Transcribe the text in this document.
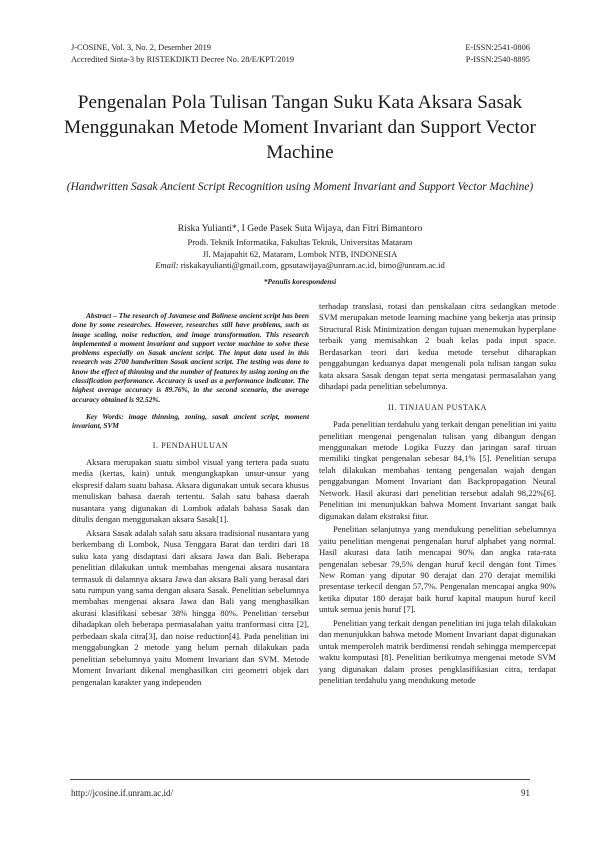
J-COSINE, Vol. 3, No. 2, Desember 2019
Accredited Sinta-3 by RISTEKDIKTI Decree No. 28/E/KPT/2019
E-ISSN:2541-0806
P-ISSN:2540-8895
Pengenalan Pola Tulisan Tangan Suku Kata Aksara Sasak Menggunakan Metode Moment Invariant dan Support Vector Machine
(Handwritten Sasak Ancient Script Recognition using Moment Invariant and Support Vector Machine)
Riska Yulianti*, I Gede Pasek Suta Wijaya, dan Fitri Bimantoro
Prodi. Teknik Informatika, Fakultas Teknik, Universitas Mataram
Jl. Majapahit 62, Mataram, Lombok NTB, INDONESIA
Email: riskakayulianti@gmail.com, gpsutawijaya@unram.ac.id, bimo@unram.ac.id
*Penulis korespondensi

Abstract – The research of Javanese and Balinese ancient script has been done by some researches. However, researches still have problems, such as image scaling, noise reduction, and image transformation. This research implemented a moment invariant and support vector machine to solve these problems especially on Sasak ancient script. The input data used in this research was 2700 handwritten Sasak ancient script. The testing was done to know the effect of thinning and the number of features by using zoning on the classification performance. Accuracy is used as a performance indicator. The highest average accuracy is 89.76%, in the second scenario, the average accuracy obtained is 92.52%.

Key Words: image thinning, zoning, sasak ancient script, moment invariant, SVM

I. PENDAHULUAN

Aksara merupakan suatu simbol visual yang tertera pada suatu media (kertas, kain) untuk mengungkapkan unsur-unsur yang ekspresif dalam suatu bahasa. Aksara digunakan untuk secara khusus menuliskan bahasa daerah tertentu. Salah satu bahasa daerah nusantara yang digunakan di Lombok adalah bahasa Sasak dan ditulis dengan menggunakan aksara Sasak[1].

Aksara Sasak adalah salah satu aksara tradisional nusantara yang berkembang di Lombok, Nusa Tenggara Barat dan terdiri dari 18 suku kata yang disdaptasi dari aksara Jawa dan Bali. Beberapa penelitian dilakukan untuk membahas mengenai aksara nusantara termasuk di dalamnya aksara Jawa dan aksara Bali yang berasal dari satu rumpun yang sama dengan aksara Sasak. Penelitian sebelumnya membahas mengenai aksara Jawa dan Bali yang menghasilkan akurasi klasifikasi sebesar 38% hingga 80%. Penelitian tersebut dihadapkan oleh beberapa permasalahan yaitu tranformasi citra [2], perbedaan skala citra[3], dan noise reduction[4]. Pada penelitian ini menggabungkan 2 metode yang belum pernah dilakukan pada penelitian sebelumnya yaitu Moment Invariant dan SVM. Metode Moment Invariant dikenal menghasilkan ciri geometri objek dari pengenalan karakter yang independen

terhadap translasi, rotasi dan penskalaan citra sedangkan metode SVM merupakan metode learning machine yang bekerja atas prinsip Structural Risk Minimization dengan tujuan menemukan hyperplane terbaik yang memisahkan 2 buah kelas pada input space. Berdasarkan teori dari kedua metode tersebut diharapkan penggabungan keduanya dapat mengenali pola tulisan tangan suku kata aksara Sasak dengan tepat serta mengatasi permasalahan yang dihadapi pada penelitian sebelumnya.

II. TINJAUAN PUSTAKA

Pada penelitian terdahulu yang terkait dengan penelitian ini yaitu penelitian mengenai pengenalan tulisan yang dibangun dengan menggunakan metode Logika Fuzzy dan jaringan saraf tiruan memiliki tingkat pengenalan sebesar 84,1% [5]. Penelitian serupa telah dilakukan membahas tentang pengenalan wajah dengan penggabungan Moment Invariant dan Backpropagation Neural Network. Hasil akurasi dari penelitian tersebut adalah 98,22%[6]. Penelitian ini menunjukkan bahwa Moment Invariant sangat baik digunakan dalam ekstraksi fitur.

Penelitian selanjutnya yang mendukung penelitian sebelumnya yaitu penelitian mengenai pengenalan huruf alphabet yang normal. Hasil akurasi data latih mencapai 90% dan angka rata-rata pengenalan sebesar 79,5% dengan huruf kecil dengan font Times New Roman yang diputar 90 derajat dan 270 derajat memiliki presentase terkecil dengan 57,7%. Pengenalan mencapai angka 90% ketika diputar 180 derajat baik huruf kapital maupun huruf kecil untuk semua jenis huruf [7].

Penelitian yang terkait dengan penelitian ini juga telah dilakukan dan menunjukkan bahwa metode Moment Invariant dapat digunakan untuk memperoleh matrik berdimensi rendah sehingga mempercepat waktu komputasi [8]. Penelitian berikutnya mengenai metode SVM yang digunakan dalam proses pengklasifikasian citra, terdapat penelitian terdahulu yang mendukung metode

http://jcosine.if.unram.ac.id/	91
